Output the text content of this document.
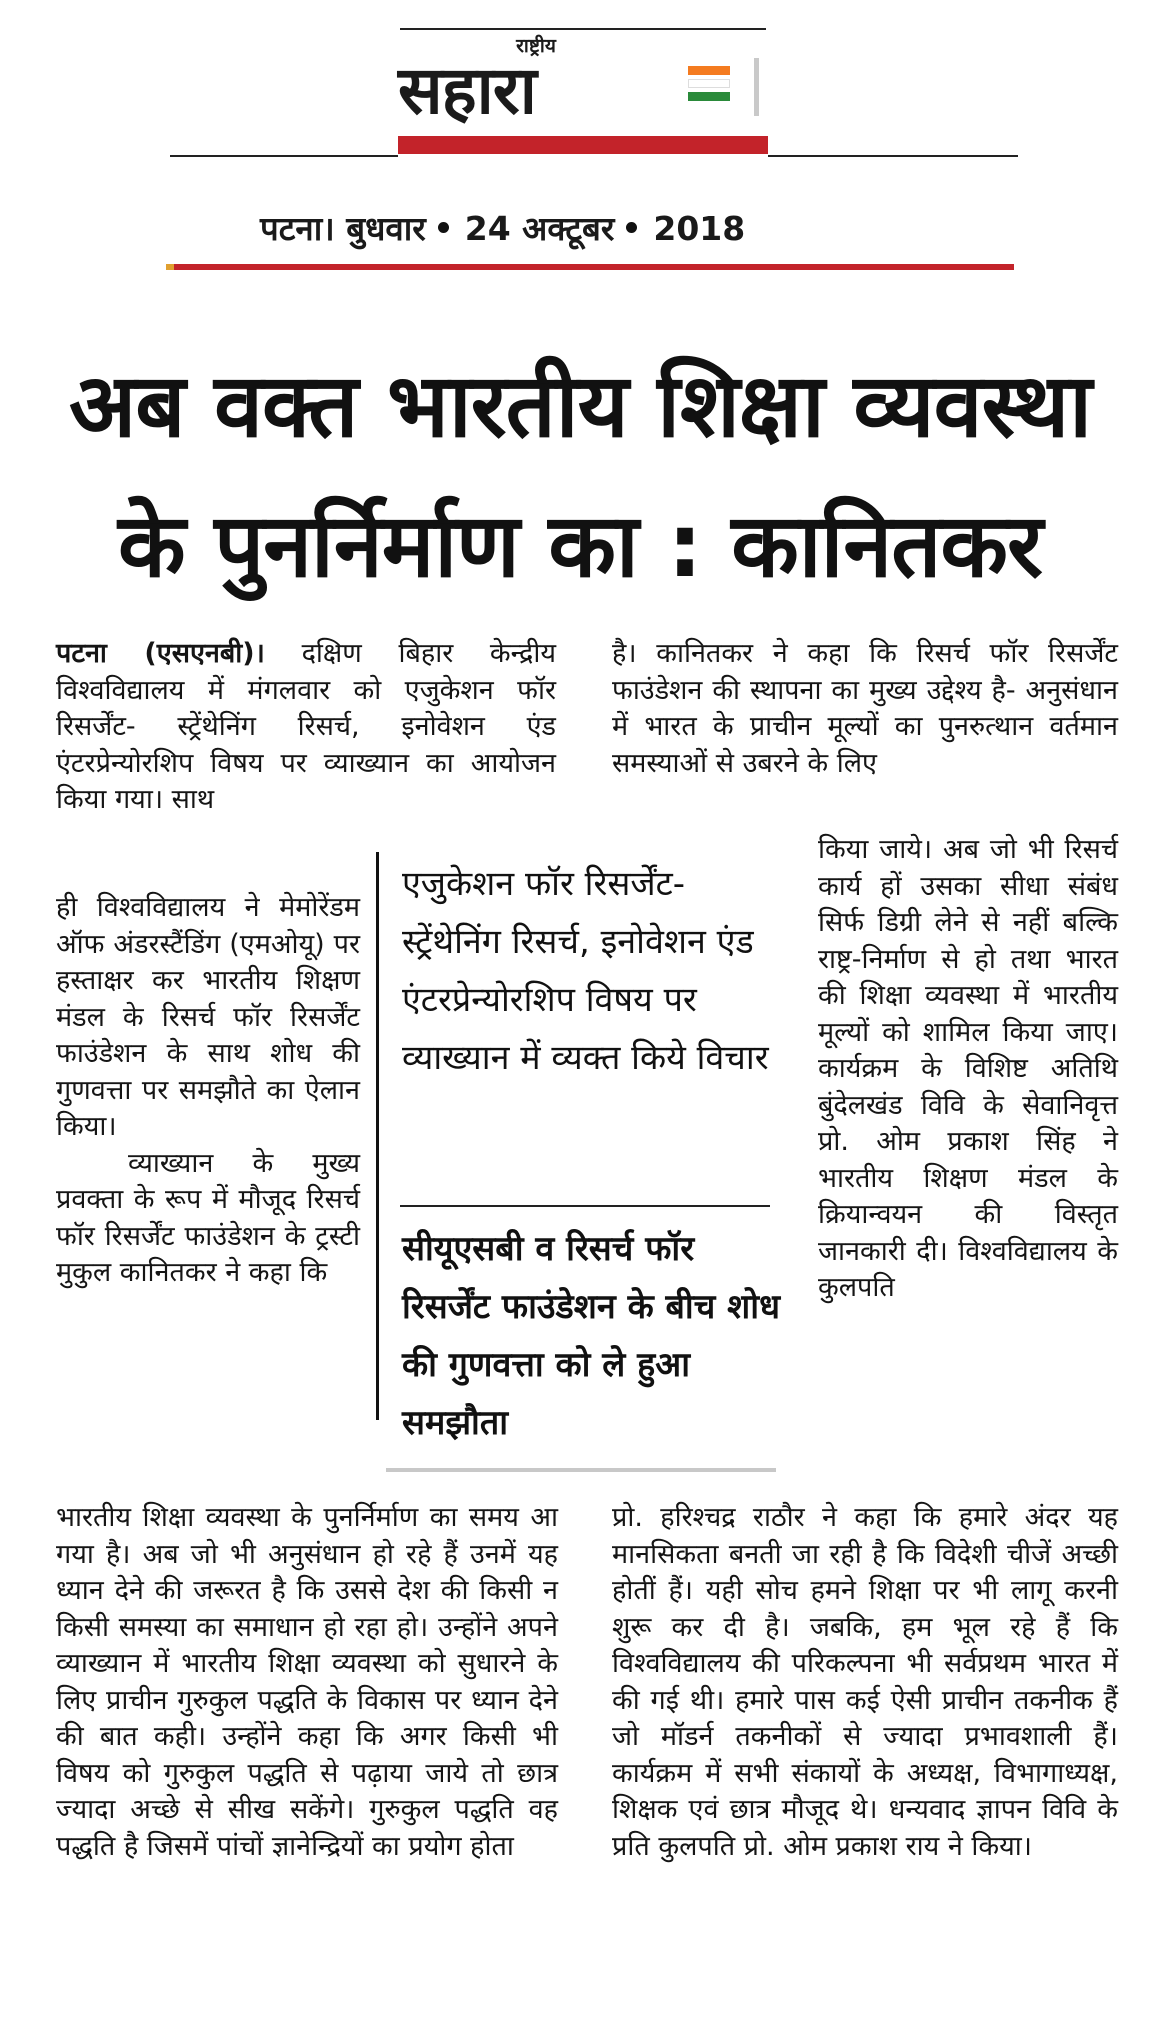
राष्ट्रीय
सहारा
पटना। बुधवार 24 अक्टूबर 2018
अब वक्त भारतीय शिक्षा व्यवस्था
के पुनर्निर्माण का : कानितकर

पटना (एसएनबी)। दक्षिण बिहार केन्द्रीय विश्वविद्यालय में मंगलवार को एजुकेशन फॉर रिसर्जेंट- स्ट्रेंथेनिंग रिसर्च, इनोवेशन एंड एंटरप्रेन्योरशिप विषय पर व्याख्यान का आयोजन किया गया। साथ

ही विश्वविद्यालय ने मेमोरेंडम ऑफ अंडरस्टैंडिंग (एमओयू) पर हस्ताक्षर कर भारतीय शिक्षण मंडल के रिसर्च फॉर रिसर्जेंट फाउंडेशन के साथ शोध की गुणवत्ता पर समझौते का ऐलान किया।

व्याख्यान के मुख्य प्रवक्ता के रूप में मौजूद रिसर्च फॉर रिसर्जेंट फाउंडेशन के ट्रस्टी मुकुल कानितकर ने कहा कि

भारतीय शिक्षा व्यवस्था के पुनर्निर्माण का समय आ गया है। अब जो भी अनुसंधान हो रहे हैं उनमें यह ध्यान देने की जरूरत है कि उससे देश की किसी न किसी समस्या का समाधान हो रहा हो। उन्होंने अपने व्याख्यान में भारतीय शिक्षा व्यवस्था को सुधारने के लिए प्राचीन गुरुकुल पद्धति के विकास पर ध्यान देने की बात कही। उन्होंने कहा कि अगर किसी भी विषय को गुरुकुल पद्धति से पढ़ाया जाये तो छात्र ज्यादा अच्छे से सीख सकेंगे। गुरुकुल पद्धति वह पद्धति है जिसमें पांचों ज्ञानेन्द्रियों का प्रयोग होता

है। कानितकर ने कहा कि रिसर्च फॉर रिसर्जेंट फाउंडेशन की स्थापना का मुख्य उद्देश्य है- अनुसंधान में भारत के प्राचीन मूल्यों का पुनरुत्थान वर्तमान समस्याओं से उबरने के लिए

किया जाये। अब जो भी रिसर्च कार्य हों उसका सीधा संबंध सिर्फ डिग्री लेने से नहीं बल्कि राष्ट्र-निर्माण से हो तथा भारत की शिक्षा व्यवस्था में भारतीय मूल्यों को शामिल किया जाए। कार्यक्रम के विशिष्ट अतिथि बुंदेलखंड विवि के सेवानिवृत्त प्रो. ओम प्रकाश सिंह ने भारतीय शिक्षण मंडल के क्रियान्वयन की विस्तृत जानकारी दी। विश्वविद्यालय के कुलपति

प्रो. हरिश्चद्र राठौर ने कहा कि हमारे अंदर यह मानसिकता बनती जा रही है कि विदेशी चीजें अच्छी होतीं हैं। यही सोच हमने शिक्षा पर भी लागू करनी शुरू कर दी है। जबकि, हम भूल रहे हैं कि विश्वविद्यालय की परिकल्पना भी सर्वप्रथम भारत में की गई थी। हमारे पास कई ऐसी प्राचीन तकनीक हैं जो मॉडर्न तकनीकों से ज्यादा प्रभावशाली हैं। कार्यक्रम में सभी संकायों के अध्यक्ष, विभागाध्यक्ष, शिक्षक एवं छात्र मौजूद थे। धन्यवाद ज्ञापन विवि के प्रति कुलपति प्रो. ओम प्रकाश राय ने किया।

एजुकेशन फॉर रिसर्जेंट- स्ट्रेंथेनिंग रिसर्च, इनोवेशन एंड एंटरप्रेन्योरशिप विषय पर व्याख्यान में व्यक्त किये विचार
सीयूएसबी व रिसर्च फॉर रिसर्जेंट फाउंडेशन के बीच शोध की गुणवत्ता को ले हुआ समझौता
